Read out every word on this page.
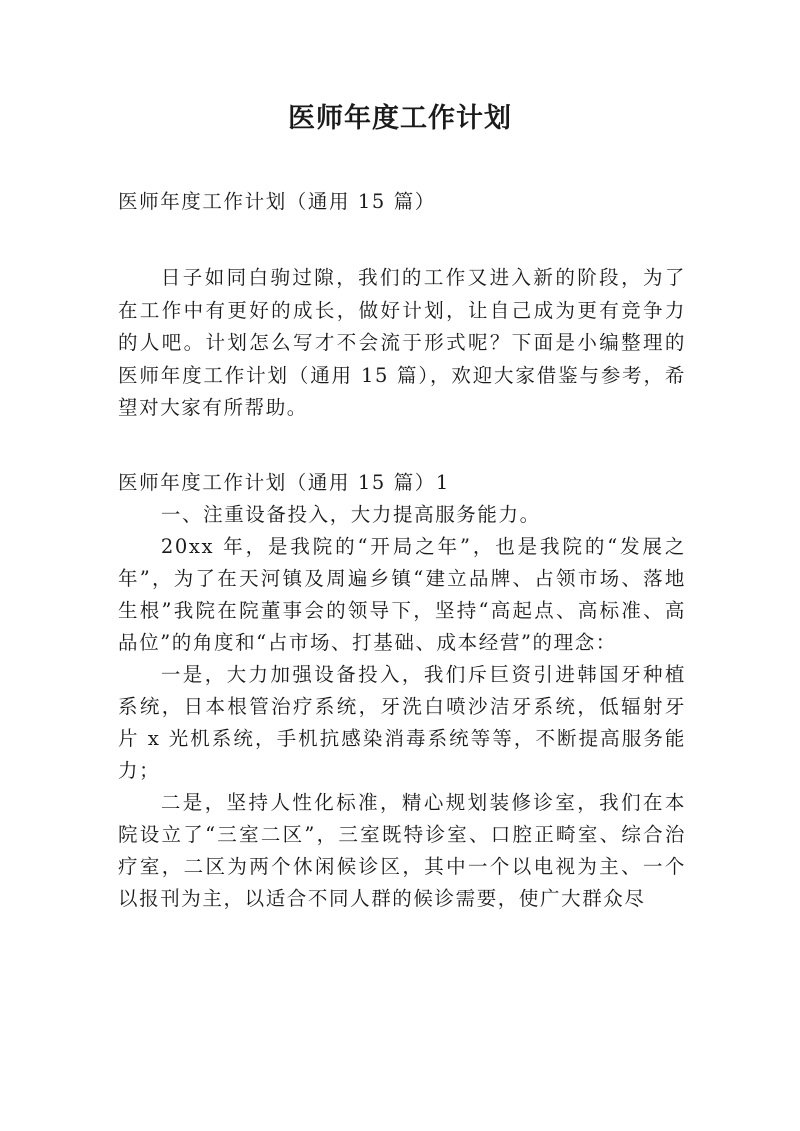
医师年度工作计划

医师年度工作计划（通用 15 篇）

日子如同白驹过隙，我们的工作又进入新的阶段，为了在工作中有更好的成长，做好计划，让自己成为更有竞争力的人吧。计划怎么写才不会流于形式呢？下面是小编整理的医师年度工作计划（通用 15 篇），欢迎大家借鉴与参考，希望对大家有所帮助。

医师年度工作计划（通用 15 篇）1

一、注重设备投入，大力提高服务能力。

20xx 年，是我院的“开局之年”，也是我院的“发展之年”，为了在天河镇及周遍乡镇“建立品牌、占领市场、落地生根”我院在院董事会的领导下，坚持“高起点、高标准、高品位”的角度和“占市场、打基础、成本经营”的理念：

一是，大力加强设备投入，我们斥巨资引进韩国牙种植系统，日本根管治疗系统，牙洗白喷沙洁牙系统，低辐射牙片 x 光机系统，手机抗感染消毒系统等等，不断提高服务能力；

二是，坚持人性化标准，精心规划装修诊室，我们在本院设立了“三室二区”，三室既特诊室、口腔正畸室、综合治疗室，二区为两个休闲候诊区，其中一个以电视为主、一个以报刊为主，以适合不同人群的候诊需要，使广大群众尽
